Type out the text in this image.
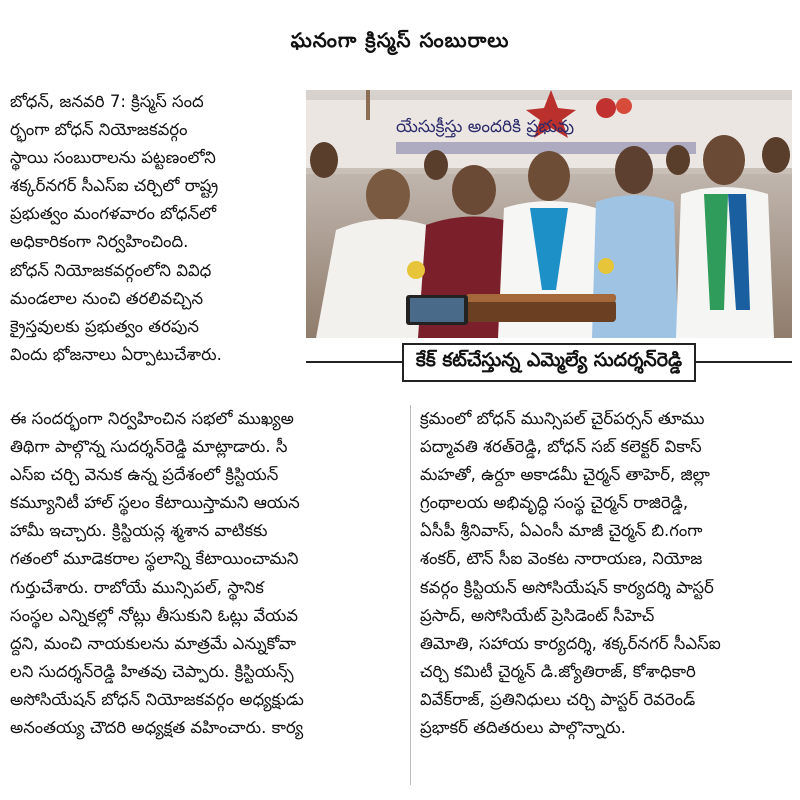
ఘనంగా క్రిస్మస్ సంబురాలు
బోధన్, జనవరి 7: క్రిస్మస్ సంద
ర్భంగా బోధన్ నియోజకవర్గం
స్థాయి సంబురాలను పట్టణంలోని
శక్కర్‌నగర్ సీఎస్ఐ చర్చిలో రాష్ట్ర
ప్రభుత్వం మంగళవారం బోధన్‌లో
అధికారికంగా నిర్వహించింది.
బోధన్ నియోజకవర్గంలోని వివిధ
మండలాల నుంచి తరలివచ్చిన
క్రైస్తవులకు ప్రభుత్వం తరపున
విందు భోజనాలు ఏర్పాటుచేశారు.
యేసుక్రీస్తు అందరికి ప్రభువు
కేక్ కట్‌చేస్తున్న ఎమ్మెల్యే సుదర్శన్‌రెడ్డి
ఈ సందర్భంగా నిర్వహించిన సభలో ముఖ్యఅ
తిథిగా పాల్గొన్న సుదర్శన్‌రెడ్డి మాట్లాడారు. సీ
ఎస్ఐ చర్చి వెనుక ఉన్న ప్రదేశంలో క్రిస్టియన్
కమ్యూనిటీ హాల్ స్థలం కేటాయిస్తామని ఆయన
హామీ ఇచ్చారు. క్రిస్టియన్ల శ్మశాన వాటికకు
గతంలో మూడెకరాల స్థలాన్ని కేటాయించామని
గుర్తుచేశారు. రాబోయే మున్సిపల్, స్థానిక
సంస్థల ఎన్నికల్లో నోట్లు తీసుకుని ఓట్లు వేయవ
ద్దని, మంచి నాయకులను మాత్రమే ఎన్నుకోవా
లని సుదర్శన్‌రెడ్డి హితవు చెప్పారు. క్రిస్టియన్స్
అసోసియేషన్ బోధన్ నియోజకవర్గం అధ్యక్షుడు
అనంతయ్య చౌదరి అధ్యక్షత వహించారు. కార్య
క్రమంలో బోధన్ మున్సిపల్ చైర్‌పర్సన్ తూము
పద్మావతి శరత్‌రెడ్డి, బోధన్ సబ్ కలెక్టర్ వికాస్
మహతో, ఉర్దూ అకాడమీ చైర్మన్ తాహెర్, జిల్లా
గ్రంథాలయ అభివృద్ధి సంస్థ చైర్మన్ రాజిరెడ్డి,
ఏసీపీ శ్రీనివాస్, ఏఎంసీ మాజీ చైర్మన్ బి.గంగా
శంకర్, టౌన్ సీఐ వెంకట నారాయణ, నియోజ
కవర్గం క్రిస్టియన్ అసోసియేషన్ కార్యదర్శి పాస్టర్
ప్రసాద్, అసోసియేట్ ప్రెసిడెంట్ సీహెచ్
తిమోతి, సహాయ కార్యదర్శి, శక్కర్‌నగర్ సీఎస్ఐ
చర్చి కమిటీ చైర్మన్ డి.జ్యోతిరాజ్, కోశాధికారి
వివేక్‌రాజ్, ప్రతినిధులు చర్చి పాస్టర్ రెవరెండ్
ప్రభాకర్ తదితరులు పాల్గొన్నారు.
